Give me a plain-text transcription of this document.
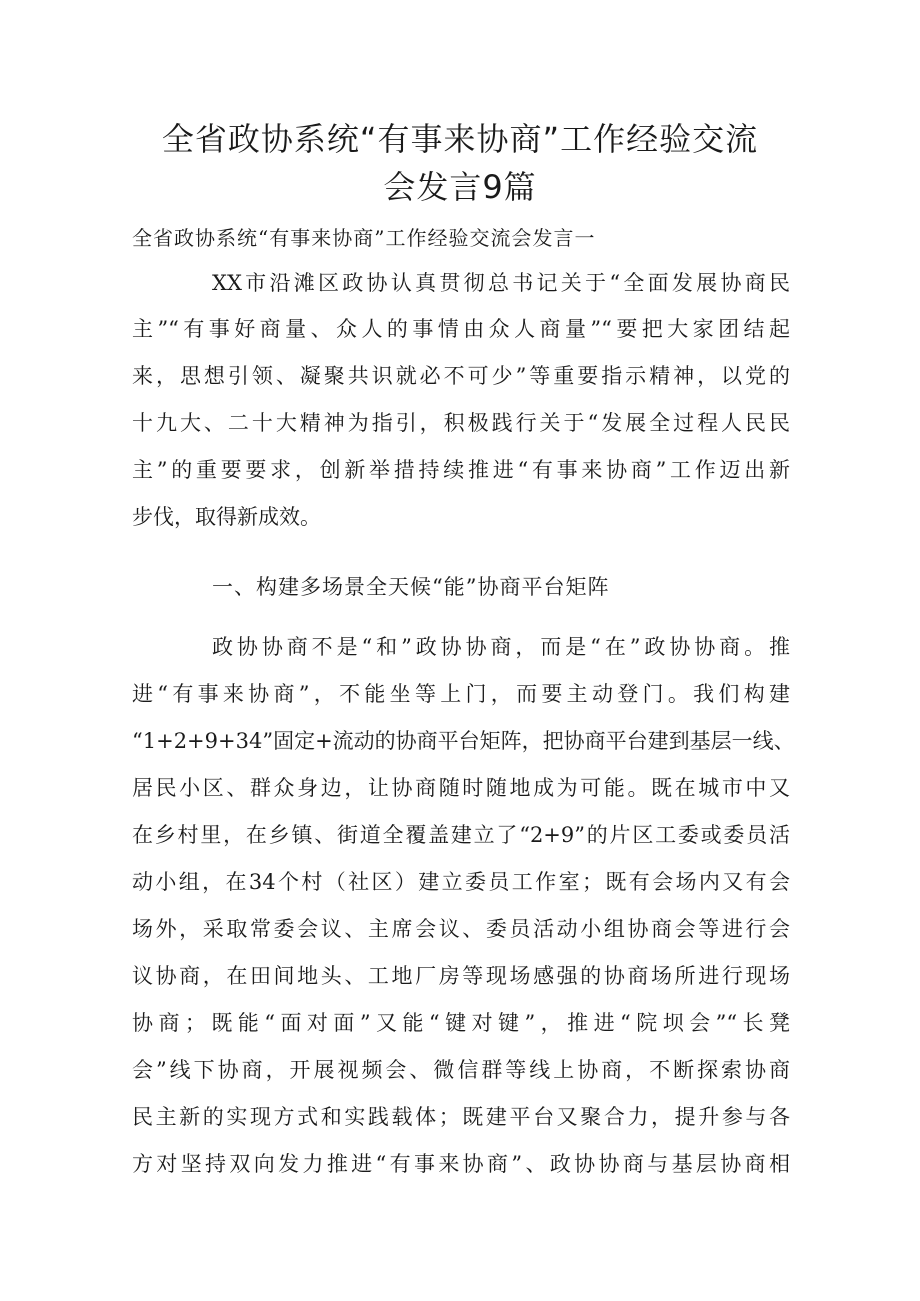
全省政协系统“有事来协商”工作经验交流
会发言9篇
全省政协系统“有事来协商”工作经验交流会发言一
XX市沿滩区政协认真贯彻总书记关于“全面发展协商民
主”“有事好商量、众人的事情由众人商量”“要把大家团结起
来，思想引领、凝聚共识就必不可少”等重要指示精神，以党的
十九大、二十大精神为指引，积极践行关于“发展全过程人民民
主”的重要要求，创新举措持续推进“有事来协商”工作迈出新
步伐，取得新成效。
一、构建多场景全天候“能”协商平台矩阵
政协协商不是“和”政协协商，而是“在”政协协商。推
进“有事来协商”，不能坐等上门，而要主动登门。我们构建
“1+2+9+34”固定+流动的协商平台矩阵，把协商平台建到基层一线、
居民小区、群众身边，让协商随时随地成为可能。既在城市中又
在乡村里，在乡镇、街道全覆盖建立了“2+9”的片区工委或委员活
动小组，在34个村（社区）建立委员工作室；既有会场内又有会
场外，采取常委会议、主席会议、委员活动小组协商会等进行会
议协商，在田间地头、工地厂房等现场感强的协商场所进行现场
协商；既能“面对面”又能“键对键”，推进“院坝会”“长凳
会”线下协商，开展视频会、微信群等线上协商，不断探索协商
民主新的实现方式和实践载体；既建平台又聚合力，提升参与各
方对坚持双向发力推进“有事来协商”、政协协商与基层协商相
